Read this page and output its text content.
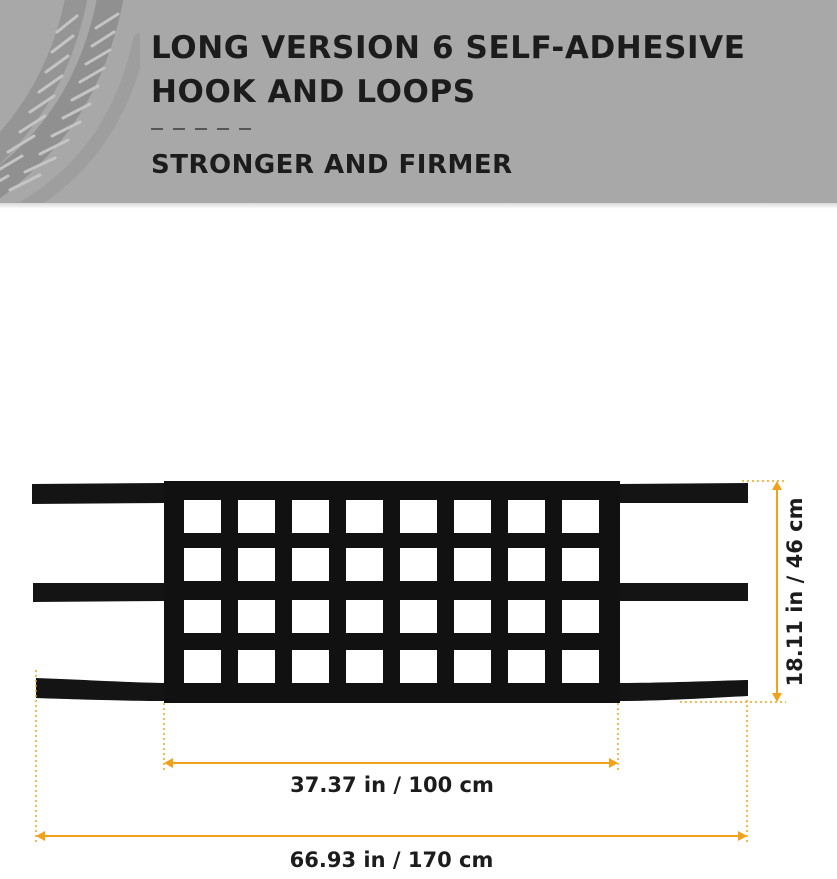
LONG VERSION 6 SELF-ADHESIVE HOOK AND LOOPS

STRONGER AND FIRMER
37.37 in / 100 cm
66.93 in / 170 cm
18.11 in / 46 cm
